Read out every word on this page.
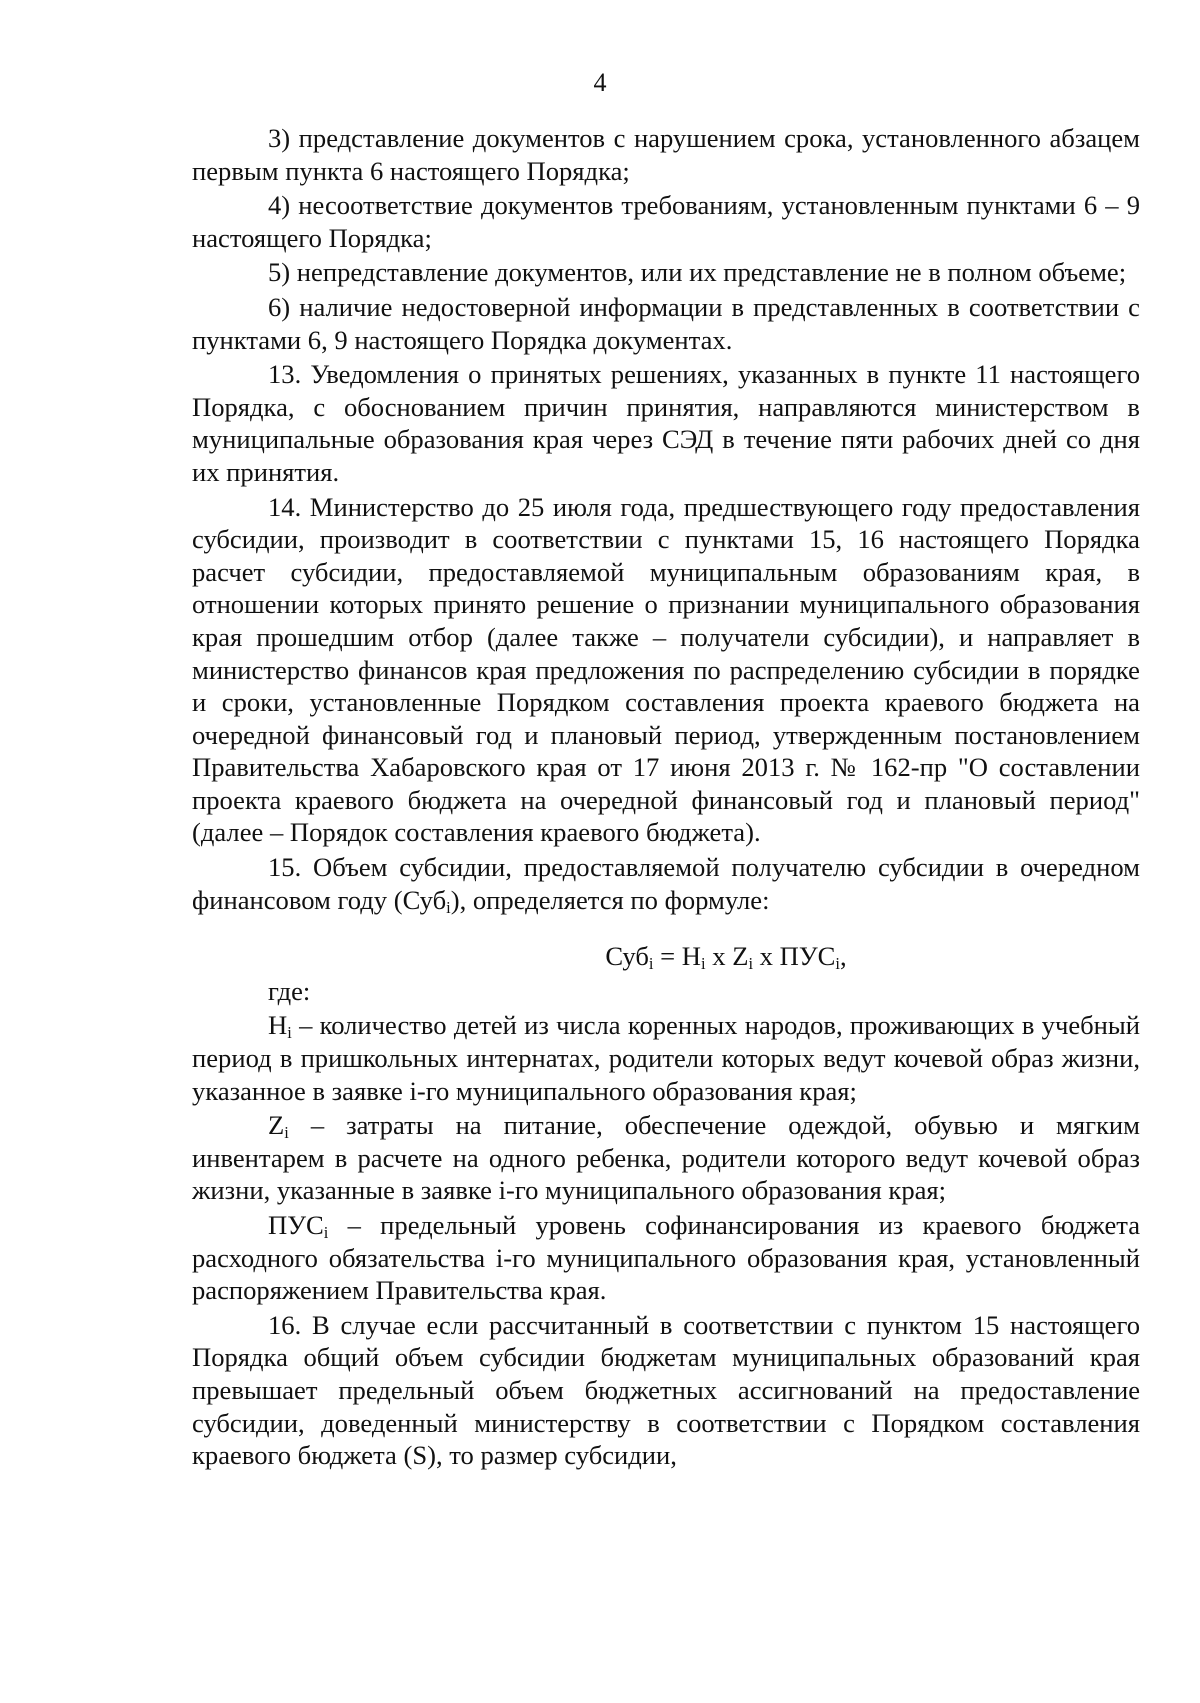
4

3) представление документов с нарушением срока, установленного абзацем первым пункта 6 настоящего Порядка;

4) несоответствие документов требованиям, установленным пунктами 6 – 9 настоящего Порядка;

5) непредставление документов, или их представление не в полном объеме;

6) наличие недостоверной информации в представленных в соответствии с пунктами 6, 9 настоящего Порядка документах.

13. Уведомления о принятых решениях, указанных в пункте 11 настоящего Порядка, с обоснованием причин принятия, направляются министерством в муниципальные образования края через СЭД в течение пяти рабочих дней со дня их принятия.

14. Министерство до 25 июля года, предшествующего году предоставления субсидии, производит в соответствии с пунктами 15, 16 настоящего Порядка расчет субсидии, предоставляемой муниципальным образованиям края, в отношении которых принято решение о признании муниципального образования края прошедшим отбор (далее также – получатели субсидии), и направляет в министерство финансов края предложения по распределению субсидии в порядке и сроки, установленные Порядком составления проекта краевого бюджета на очередной финансовый год и плановый период, утвержденным постановлением Правительства Хабаровского края от 17 июня 2013 г. № 162-пр "О составлении проекта краевого бюджета на очередной финансовый год и плановый период" (далее – Порядок составления краевого бюджета).

15. Объем субсидии, предоставляемой получателю субсидии в очередном финансовом году (Суб$_i$), определяется по формуле:

$Суб_i = Н_i$ x $Z_i$ x $ПУС_i$,

где:

$Н_i$ – количество детей из числа коренных народов, проживающих в учебный период в пришкольных интернатах, родители которых ведут кочевой образ жизни, указанное в заявке i-го муниципального образования края;

$Z_i$ – затраты на питание, обеспечение одеждой, обувью и мягким инвентарем в расчете на одного ребенка, родители которого ведут кочевой образ жизни, указанные в заявке i-го муниципального образования края;

$ПУС_i$ – предельный уровень софинансирования из краевого бюджета расходного обязательства i-го муниципального образования края, установленный распоряжением Правительства края.

16. В случае если рассчитанный в соответствии с пунктом 15 настоящего Порядка общий объем субсидии бюджетам муниципальных образований края превышает предельный объем бюджетных ассигнований на предоставление субсидии, доведенный министерству в соответствии с Порядком составления краевого бюджета (S), то размер субсидии,
